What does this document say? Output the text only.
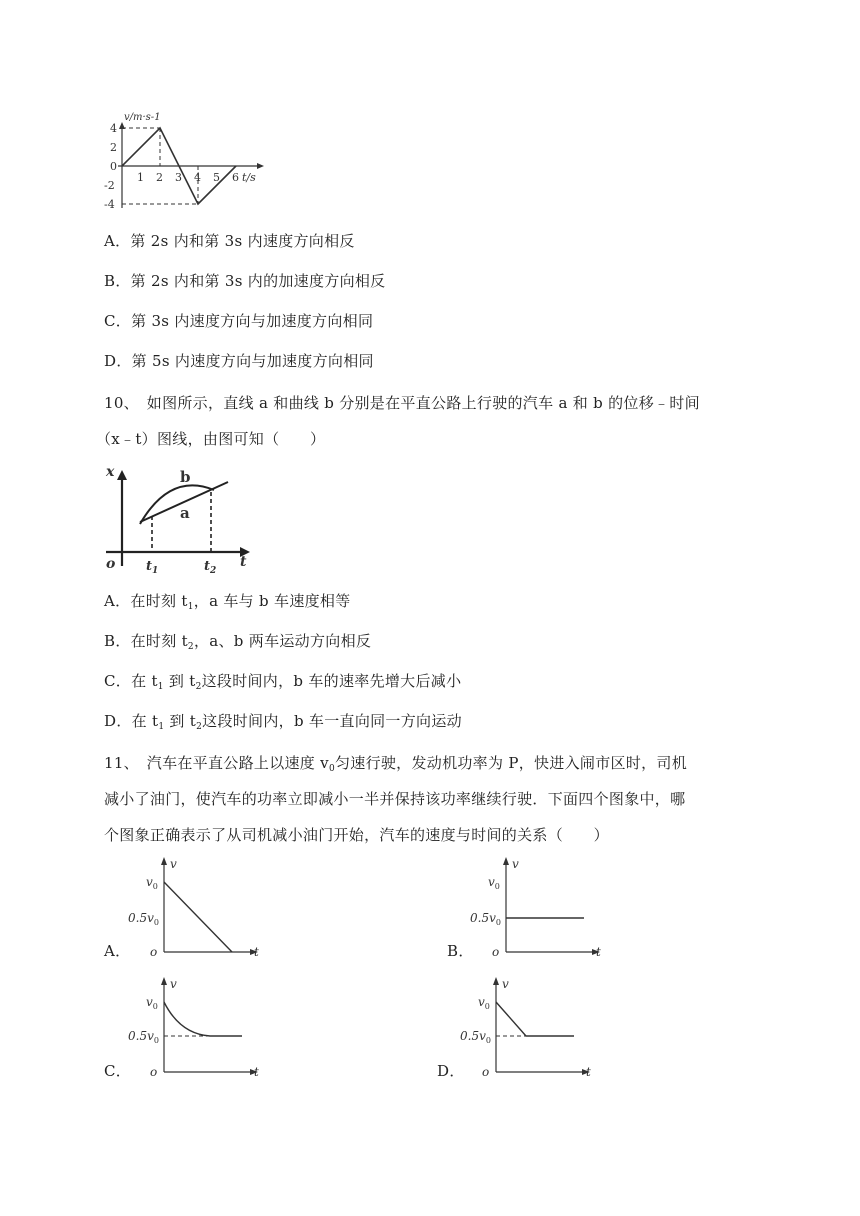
v/m·s-1
t/s
4
2
0
-2
-4
1 2 3 4 5 6
A．第 2s 内和第 3s 内速度方向相反
B．第 2s 内和第 3s 内的加速度方向相反
C．第 3s 内速度方向与加速度方向相同
D．第 5s 内速度方向与加速度方向相同
10、　如图所示，直线 a 和曲线 b 分别是在平直公路上行驶的汽车 a 和 b 的位移﹣时间
（x﹣t）图线，由图可知（　　）
x
o	t
b
a
$t_1$	$t_2$
A．在时刻 $t_1$，a 车与 b 车速度相等
B．在时刻 $t_2$，a、b 两车运动方向相反
C．在 $t_1$ 到 $t_2$这段时间内，b 车的速率先增大后减小
D．在 $t_1$ 到 $t_2$这段时间内，b 车一直向同一方向运动
11、　汽车在平直公路上以速度 $v_0$匀速行驶，发动机功率为 P，快进入闹市区时，司机
减小了油门，使汽车的功率立即减小一半并保持该功率继续行驶．下面四个图象中，哪
个图象正确表示了从司机减小油门开始，汽车的速度与时间的关系（　　）
A．	B．
C．	D．
v
t
o
$v_0$
$0.5v_0$
v
t
o
$v_0$
$0.5v_0$
v
t
o
$v_0$
$0.5v_0$
v
t
o
$v_0$
$0.5v_0$
